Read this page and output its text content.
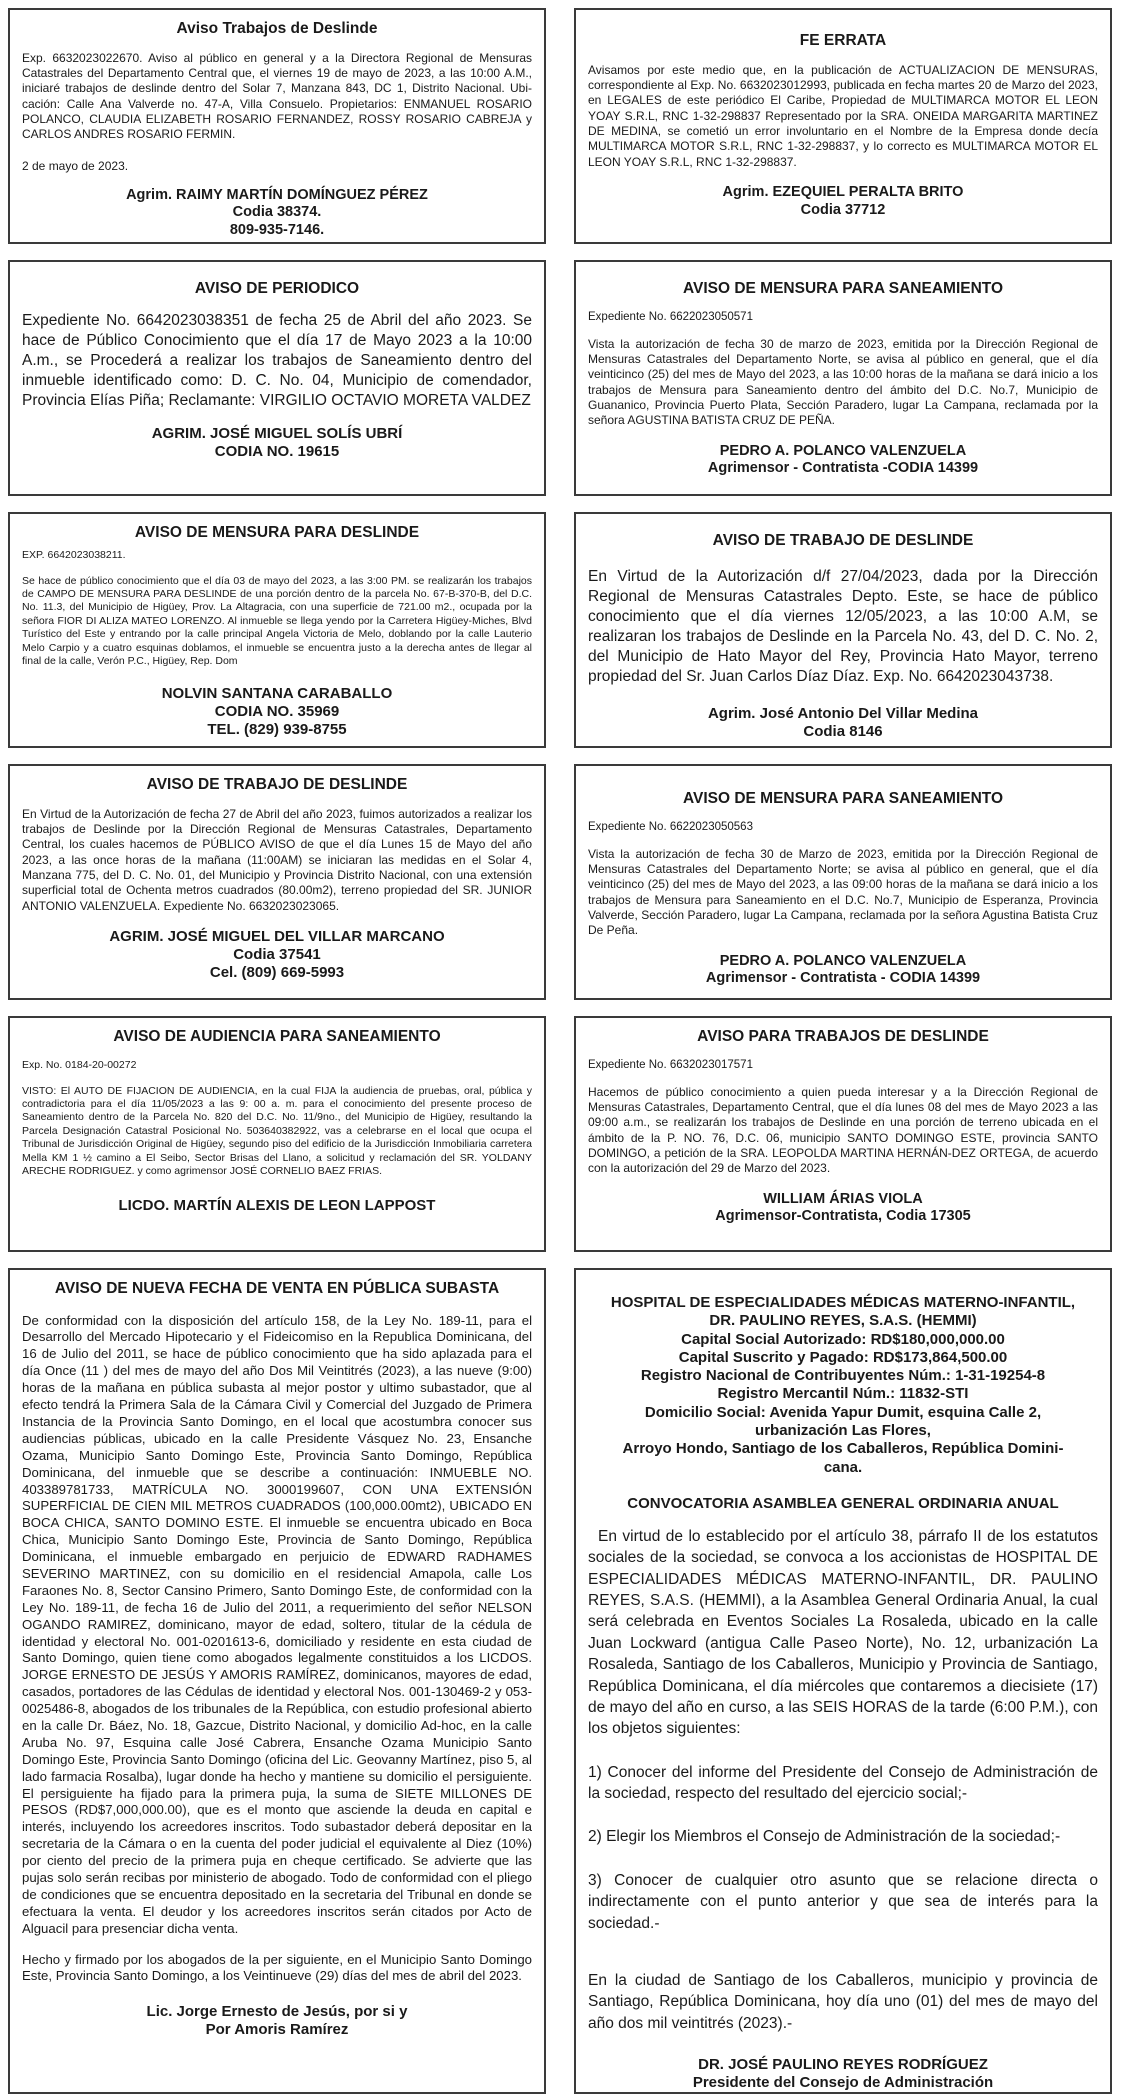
Aviso Trabajos de Deslinde
Exp. 6632023022670. Aviso al público en general y a la Directora Regional de Mensuras Catastrales del Departamento Central que, el viernes 19 de mayo de 2023, a las 10:00 A.M., iniciaré trabajos de deslinde dentro del Solar 7, Manzana 843, DC 1, Distrito Nacional. Ubi-cación: Calle Ana Valverde no. 47-A, Villa Consuelo. Propietarios: ENMANUEL ROSARIO POLANCO, CLAUDIA ELIZABETH ROSARIO FERNANDEZ, ROSSY ROSARIO CABREJA y CARLOS ANDRES ROSARIO FERMIN.
2 de mayo de 2023.
Agrim. RAIMY MARTÍN DOMÍNGUEZ PÉREZ
Codia 38374.
809-935-7146.
FE ERRATA
Avisamos por este medio que, en la publicación de ACTUALIZACION DE MENSURAS, correspondiente al Exp. No. 6632023012993, publicada en fecha martes 20 de Marzo del 2023, en LEGALES de este periódico El Caribe, Propiedad de MULTIMARCA MOTOR EL LEON YOAY S.R.L, RNC 1-32-298837 Representado por la SRA. ONEIDA MARGARITA MARTINEZ DE MEDINA, se cometió un error involuntario en el Nombre de la Empresa donde decía MULTIMARCA MOTOR S.R.L, RNC 1-32-298837, y lo correcto es MULTIMARCA MOTOR EL LEON YOAY S.R.L, RNC 1-32-298837.
Agrim. EZEQUIEL PERALTA BRITO
Codia 37712
AVISO DE PERIODICO
Expediente No. 6642023038351 de fecha 25 de Abril del año 2023. Se hace de Público Conocimiento que el día 17 de Mayo 2023 a la 10:00 A.m., se Procederá a realizar los trabajos de Saneamiento dentro del inmueble identificado como: D. C. No. 04, Municipio de comendador, Provincia Elías Piña; Reclamante: VIRGILIO OCTAVIO MORETA VALDEZ
AGRIM. JOSÉ MIGUEL SOLÍS UBRÍ
CODIA NO. 19615
AVISO DE MENSURA PARA SANEAMIENTO
Expediente No. 6622023050571
Vista la autorización de fecha 30 de marzo de 2023, emitida por la Dirección Regional de Mensuras Catastrales del Departamento Norte, se avisa al público en general, que el día veinticinco (25) del mes de Mayo del 2023, a las 10:00 horas de la mañana se dará inicio a los trabajos de Mensura para Saneamiento dentro del ámbito del D.C. No.7, Municipio de Guananico, Provincia Puerto Plata, Sección Paradero, lugar La Campana, reclamada por la señora AGUSTINA BATISTA CRUZ DE PEÑA.
PEDRO A. POLANCO VALENZUELA
Agrimensor - Contratista -CODIA 14399
AVISO DE MENSURA PARA DESLINDE
EXP. 6642023038211.
Se hace de público conocimiento que el día 03 de mayo del 2023, a las 3:00 PM. se realizarán los trabajos de CAMPO DE MENSURA PARA DESLINDE de una porción dentro de la parcela No. 67-B-370-B, del D.C. No. 11.3, del Municipio de Higüey, Prov. La Altagracia, con una superficie de 721.00 m2., ocupada por la señora FIOR DI ALIZA MATEO LORENZO. Al inmueble se llega yendo por la Carretera Higüey-Miches, Blvd Turístico del Este y entrando por la calle principal Angela Victoria de Melo, doblando por la calle Lauterio Melo Carpio y a cuatro esquinas doblamos, el inmueble se encuentra justo a la derecha antes de llegar al final de la calle, Verón P.C., Higüey, Rep. Dom
NOLVIN SANTANA CARABALLO
CODIA NO. 35969
TEL. (829) 939-8755
AVISO DE TRABAJO DE DESLINDE
En Virtud de la Autorización d/f 27/04/2023, dada por la Dirección Regional de Mensuras Catastrales Depto. Este, se hace de público conocimiento que el día viernes 12/05/2023, a las 10:00 A.M, se realizaran los trabajos de Deslinde en la Parcela No. 43, del D. C. No. 2, del Municipio de Hato Mayor del Rey, Provincia Hato Mayor, terreno propiedad del Sr. Juan Carlos Díaz Díaz. Exp. No. 6642023043738.
Agrim. José Antonio Del Villar Medina
Codia 8146
AVISO DE TRABAJO DE DESLINDE
En Virtud de la Autorización de fecha 27 de Abril del año 2023, fuimos autorizados a realizar los trabajos de Deslinde por la Dirección Regional de Mensuras Catastrales, Departamento Central, los cuales hacemos de PÚBLICO AVISO de que el día Lunes 15 de Mayo del año 2023, a las once horas de la mañana (11:00AM) se iniciaran las medidas en el Solar 4, Manzana 775, del D. C. No. 01, del Municipio y Provincia Distrito Nacional, con una extensión superficial total de Ochenta metros cuadrados (80.00m2), terreno propiedad del SR. JUNIOR ANTONIO VALENZUELA. Expediente No. 6632023023065.
AGRIM. JOSÉ MIGUEL DEL VILLAR MARCANO
Codia 37541
Cel. (809) 669-5993
AVISO DE MENSURA PARA SANEAMIENTO
Expediente No. 6622023050563
Vista la autorización de fecha 30 de Marzo de 2023, emitida por la Dirección Regional de Mensuras Catastrales del Departamento Norte; se avisa al público en general, que el día veinticinco (25) del mes de Mayo del 2023, a las 09:00 horas de la mañana se dará inicio a los trabajos de Mensura para Saneamiento en el D.C. No.7, Municipio de Esperanza, Provincia Valverde, Sección Paradero, lugar La Campana, reclamada por la señora Agustina Batista Cruz De Peña.
PEDRO A. POLANCO VALENZUELA
Agrimensor - Contratista - CODIA 14399
AVISO DE AUDIENCIA PARA SANEAMIENTO
Exp. No. 0184-20-00272
VISTO: El AUTO DE FIJACION DE AUDIENCIA, en la cual FIJA la audiencia de pruebas, oral, pública y contradictoria para el día 11/05/2023 a las 9: 00 a. m. para el conocimiento del presente proceso de Saneamiento dentro de la Parcela No. 820 del D.C. No. 11/9no., del Municipio de Higüey, resultando la Parcela Designación Catastral Posicional No. 503640382922, vas a celebrarse en el local que ocupa el Tribunal de Jurisdicción Original de Higüey, segundo piso del edificio de la Jurisdicción Inmobiliaria carretera Mella KM 1 ½ camino a El Seibo, Sector Brisas del Llano, a solicitud y reclamación del SR. YOLDANY ARECHE RODRIGUEZ. y como agrimensor JOSÉ CORNELIO BAEZ FRIAS.
LICDO. MARTÍN ALEXIS DE LEON LAPPOST
AVISO PARA TRABAJOS DE DESLINDE
Expediente No. 6632023017571
Hacemos de público conocimiento a quien pueda interesar y a la Dirección Regional de Mensuras Catastrales, Departamento Central, que el día lunes 08 del mes de Mayo 2023 a las 09:00 a.m., se realizarán los trabajos de Deslinde en una porción de terreno ubicada en el ámbito de la P. NO. 76, D.C. 06, municipio SANTO DOMINGO ESTE, provincia SANTO DOMINGO, a petición de la SRA. LEOPOLDA MARTINA HERNÁN-DEZ ORTEGA, de acuerdo con la autorización del 29 de Marzo del 2023.
WILLIAM ÁRIAS VIOLA
Agrimensor-Contratista, Codia 17305
AVISO DE NUEVA FECHA DE VENTA EN PÚBLICA SUBASTA

De conformidad con la disposición del artículo 158, de la Ley No. 189-11, para el Desarrollo del Mercado Hipotecario y el Fideicomiso en la Republica Dominicana, del 16 de Julio del 2011, se hace de público conocimiento que ha sido aplazada para el día Once (11 ) del mes de mayo del año Dos Mil Veintitrés (2023), a las nueve (9:00) horas de la mañana en pública subasta al mejor postor y ultimo subastador, que al efecto tendrá la Primera Sala de la Cámara Civil y Comercial del Juzgado de Primera Instancia de la Provincia Santo Domingo, en el local que acostumbra conocer sus audiencias públicas, ubicado en la calle Presidente Vásquez No. 23, Ensanche Ozama, Municipio Santo Domingo Este, Provincia Santo Domingo, República Dominicana, del inmueble que se describe a continuación: INMUEBLE NO. 403389781733, MATRÍCULA NO. 3000199607, CON UNA EXTENSIÓN SUPERFICIAL DE CIEN MIL METROS CUADRADOS (100,000.00mt2), UBICADO EN BOCA CHICA, SANTO DOMINO ESTE. El inmueble se encuentra ubicado en Boca Chica, Municipio Santo Domingo Este, Provincia de Santo Domingo, República Dominicana, el inmueble embargado en perjuicio de EDWARD RADHAMES SEVERINO MARTINEZ, con su domicilio en el residencial Amapola, calle Los Faraones No. 8, Sector Cansino Primero, Santo Domingo Este, de conformidad con la Ley No. 189-11, de fecha 16 de Julio del 2011, a requerimiento del señor NELSON OGANDO RAMIREZ, dominicano, mayor de edad, soltero, titular de la cédula de identidad y electoral No. 001-0201613-6, domiciliado y residente en esta ciudad de Santo Domingo, quien tiene como abogados legalmente constituidos a los LICDOS. JORGE ERNESTO DE JESÚS Y AMORIS RAMÍREZ, dominicanos, mayores de edad, casados, portadores de las Cédulas de identidad y electoral Nos. 001-130469-2 y 053-0025486-8, abogados de los tribunales de la República, con estudio profesional abierto en la calle Dr. Báez, No. 18, Gazcue, Distrito Nacional, y domicilio Ad-hoc, en la calle Aruba No. 97, Esquina calle José Cabrera, Ensanche Ozama Municipio Santo Domingo Este, Provincia Santo Domingo (oficina del Lic. Geovanny Martínez, piso 5, al lado farmacia Rosalba), lugar donde ha hecho y mantiene su domicilio el persiguiente. El persiguiente ha fijado para la primera puja, la suma de SIETE MILLONES DE PESOS (RD$7,000,000.00), que es el monto que asciende la deuda en capital e interés, incluyendo los acreedores inscritos. Todo subastador deberá depositar en la secretaria de la Cámara o en la cuenta del poder judicial el equivalente al Diez (10%) por ciento del precio de la primera puja en cheque certificado. Se advierte que las pujas solo serán recibas por ministerio de abogado. Todo de conformidad con el pliego de condiciones que se encuentra depositado en la secretaria del Tribunal en donde se efectuara la venta. El deudor y los acreedores inscritos serán citados por Acto de Alguacil para presenciar dicha venta.

Hecho y firmado por los abogados de la per siguiente, en el Municipio Santo Domingo Este, Provincia Santo Domingo, a los Veintinueve (29) días del mes de abril del 2023.

Lic. Jorge Ernesto de Jesús, por si y
Por Amoris Ramírez
HOSPITAL DE ESPECIALIDADES MÉDICAS MATERNO-INFANTIL,
DR. PAULINO REYES, S.A.S. (HEMMI)
Capital Social Autorizado: RD$180,000,000.00
Capital Suscrito y Pagado: RD$173,864,500.00
Registro Nacional de Contribuyentes Núm.: 1-31-19254-8
Registro Mercantil Núm.: 11832-STI
Domicilio Social: Avenida Yapur Dumit, esquina Calle 2,
urbanización Las Flores,
Arroyo Hondo, Santiago de los Caballeros, República Domini-
cana.
CONVOCATORIA ASAMBLEA GENERAL ORDINARIA ANUAL

En virtud de lo establecido por el artículo 38, párrafo II de los estatutos sociales de la sociedad, se convoca a los accionistas de HOSPITAL DE ESPECIALIDADES MÉDICAS MATERNO-INFANTIL, DR. PAULINO REYES, S.A.S. (HEMMI), a la Asamblea General Ordinaria Anual, la cual será celebrada en Eventos Sociales La Rosaleda, ubicado en la calle Juan Lockward (antigua Calle Paseo Norte), No. 12, urbanización La Rosaleda, Santiago de los Caballeros, Municipio y Provincia de Santiago, República Dominicana, el día miércoles que contaremos a diecisiete (17) de mayo del año en curso, a las SEIS HORAS de la tarde (6:00 P.M.), con los objetos siguientes:

1) Conocer del informe del Presidente del Consejo de Administración de la sociedad, respecto del resultado del ejercicio social;-

2) Elegir los Miembros el Consejo de Administración de la sociedad;-

3) Conocer de cualquier otro asunto que se relacione directa o indirectamente con el punto anterior y que sea de interés para la sociedad.-

En la ciudad de Santiago de los Caballeros, municipio y provincia de Santiago, República Dominicana, hoy día uno (01) del mes de mayo del año dos mil veintitrés (2023).-

DR. JOSÉ PAULINO REYES RODRÍGUEZ
Presidente del Consejo de Administración
